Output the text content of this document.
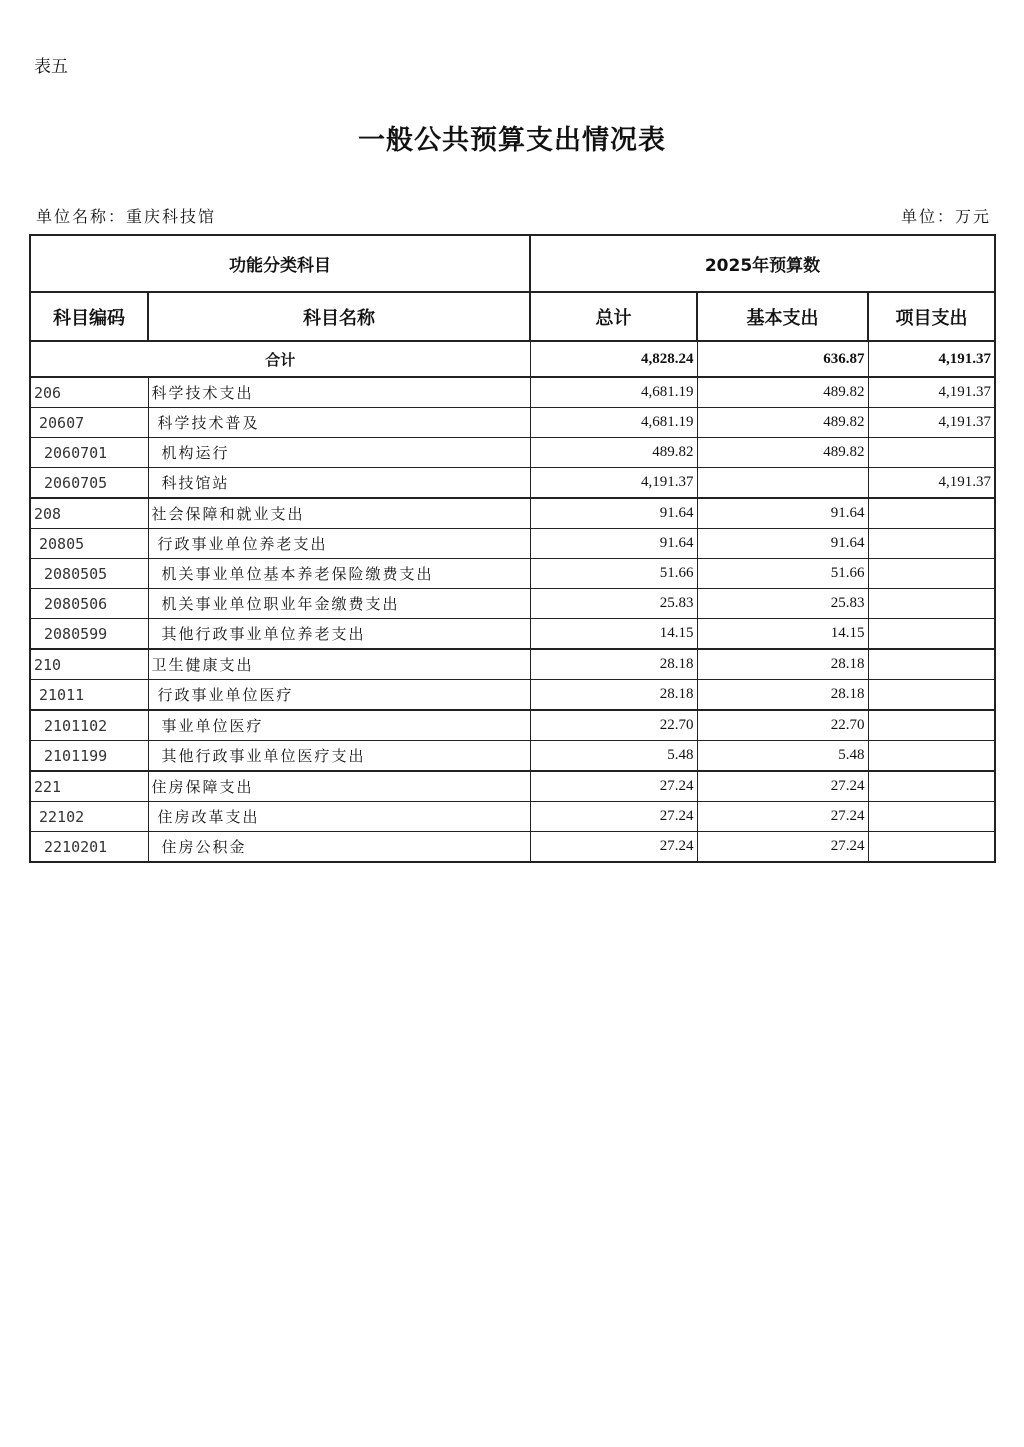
表五
一般公共预算支出情况表
单位名称：重庆科技馆	单位：万元
功能分类科目		2025年预算数		
科目编码	科目名称	总计	基本支出	项目支出
合计		4,828.24	636.87	4,191.37
206	科学技术支出	4,681.19	489.82	4,191.37
20607	科学技术普及	4,681.19	489.82	4,191.37
2060701	机构运行	489.82	489.82	
2060705	科技馆站	4,191.37		4,191.37
208	社会保障和就业支出	91.64	91.64	
20805	行政事业单位养老支出	91.64	91.64	
2080505	机关事业单位基本养老保险缴费支出	51.66	51.66	
2080506	机关事业单位职业年金缴费支出	25.83	25.83	
2080599	其他行政事业单位养老支出	14.15	14.15	
210	卫生健康支出	28.18	28.18	
21011	行政事业单位医疗	28.18	28.18	
2101102	事业单位医疗	22.70	22.70	
2101199	其他行政事业单位医疗支出	5.48	5.48	
221	住房保障支出	27.24	27.24	
22102	住房改革支出	27.24	27.24	
2210201	住房公积金	27.24	27.24	
